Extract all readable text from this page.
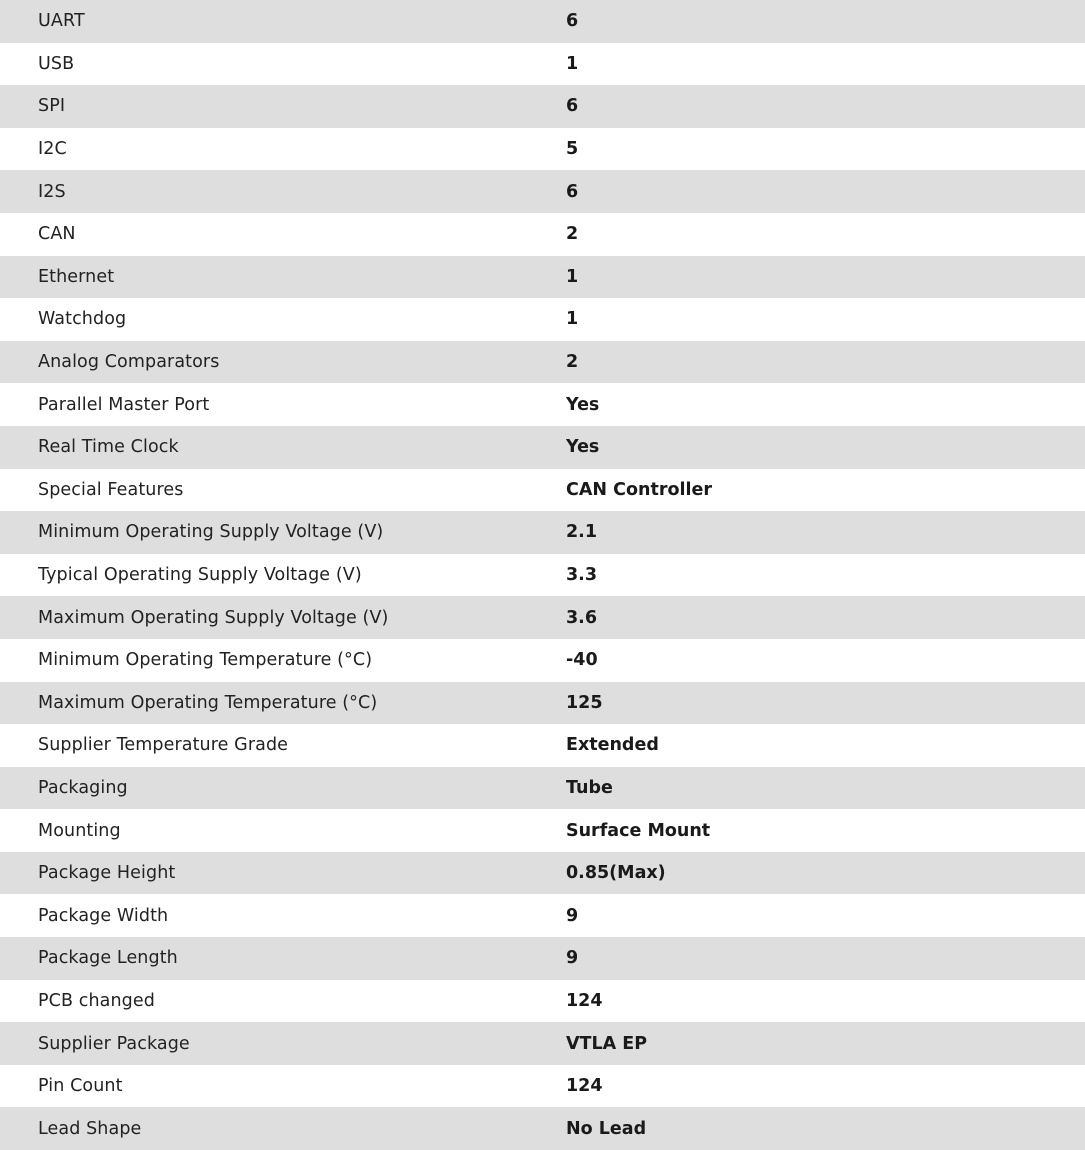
UART	6
USB	1
SPI	6
I2C	5
I2S	6
CAN	2
Ethernet	1
Watchdog	1
Analog Comparators	2
Parallel Master Port	Yes
Real Time Clock	Yes
Special Features	CAN Controller
Minimum Operating Supply Voltage (V)	2.1
Typical Operating Supply Voltage (V)	3.3
Maximum Operating Supply Voltage (V)	3.6
Minimum Operating Temperature (°C)	-40
Maximum Operating Temperature (°C)	125
Supplier Temperature Grade	Extended
Packaging	Tube
Mounting	Surface Mount
Package Height	0.85(Max)
Package Width	9
Package Length	9
PCB changed	124
Supplier Package	VTLA EP
Pin Count	124
Lead Shape	No Lead
